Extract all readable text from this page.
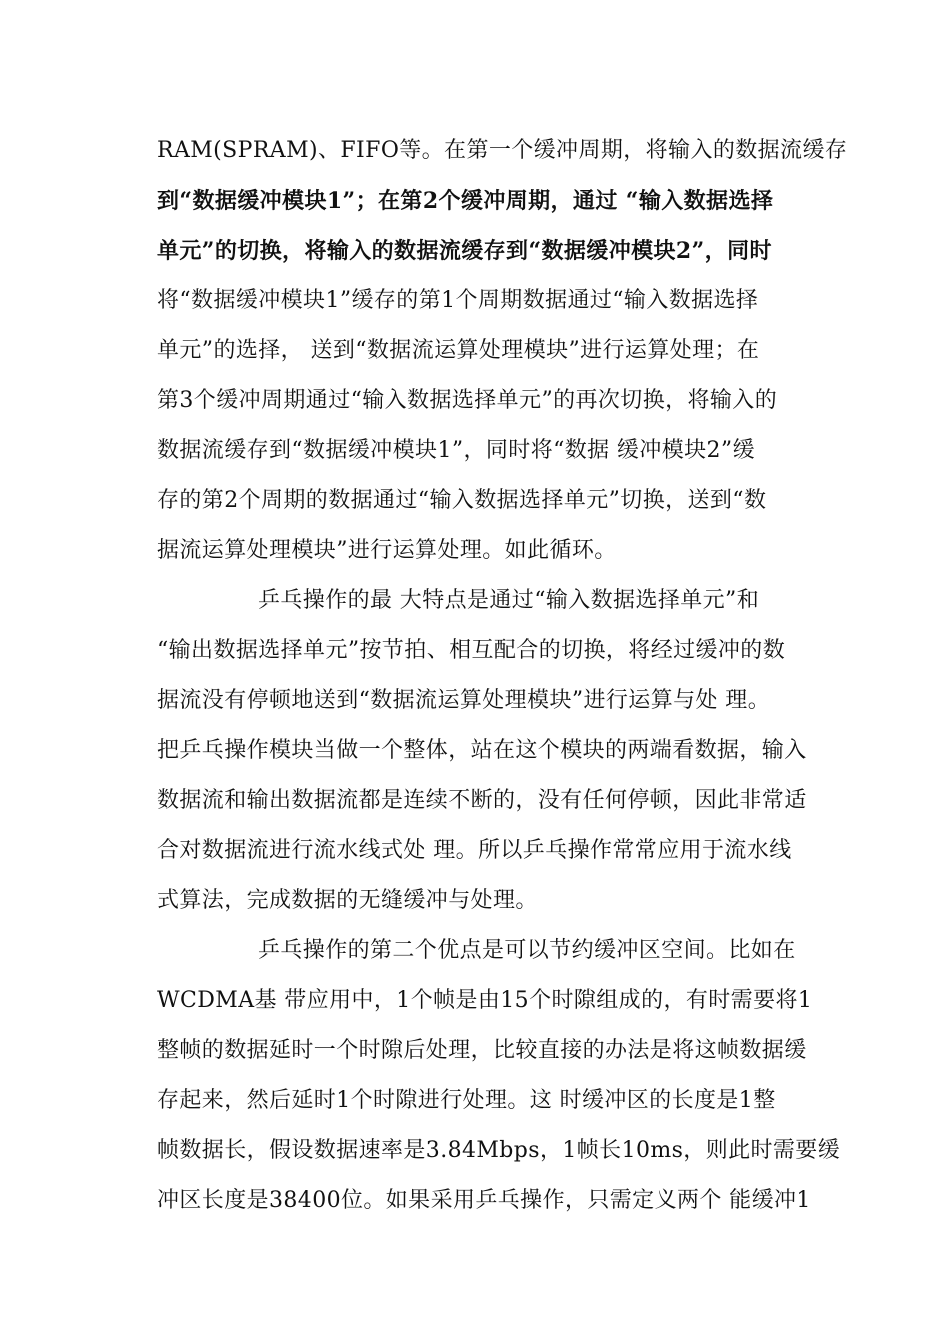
RAM(SPRAM)、FIFO等。在第一个缓冲周期，将输入的数据流缓存
到“数据缓冲模块1”；在第2个缓冲周期，通过 “输入数据选择
单元”的切换，将输入的数据流缓存到“数据缓冲模块2”，同时
将“数据缓冲模块1”缓存的第1个周期数据通过“输入数据选择
单元”的选择， 送到“数据流运算处理模块”进行运算处理；在
第3个缓冲周期通过“输入数据选择单元”的再次切换，将输入的
数据流缓存到“数据缓冲模块1”，同时将“数据 缓冲模块2”缓
存的第2个周期的数据通过“输入数据选择单元”切换，送到“数
据流运算处理模块”进行运算处理。如此循环。
乒乓操作的最 大特点是通过“输入数据选择单元”和
“输出数据选择单元”按节拍、相互配合的切换，将经过缓冲的数
据流没有停顿地送到“数据流运算处理模块”进行运算与处 理。
把乒乓操作模块当做一个整体，站在这个模块的两端看数据，输入
数据流和输出数据流都是连续不断的，没有任何停顿，因此非常适
合对数据流进行流水线式处 理。所以乒乓操作常常应用于流水线
式算法，完成数据的无缝缓冲与处理。
乒乓操作的第二个优点是可以节约缓冲区空间。比如在
WCDMA基 带应用中，1个帧是由15个时隙组成的，有时需要将1
整帧的数据延时一个时隙后处理，比较直接的办法是将这帧数据缓
存起来，然后延时1个时隙进行处理。这 时缓冲区的长度是1整
帧数据长，假设数据速率是3.84Mbps，1帧长10ms，则此时需要缓
冲区长度是38400位。如果采用乒乓操作，只需定义两个 能缓冲1
